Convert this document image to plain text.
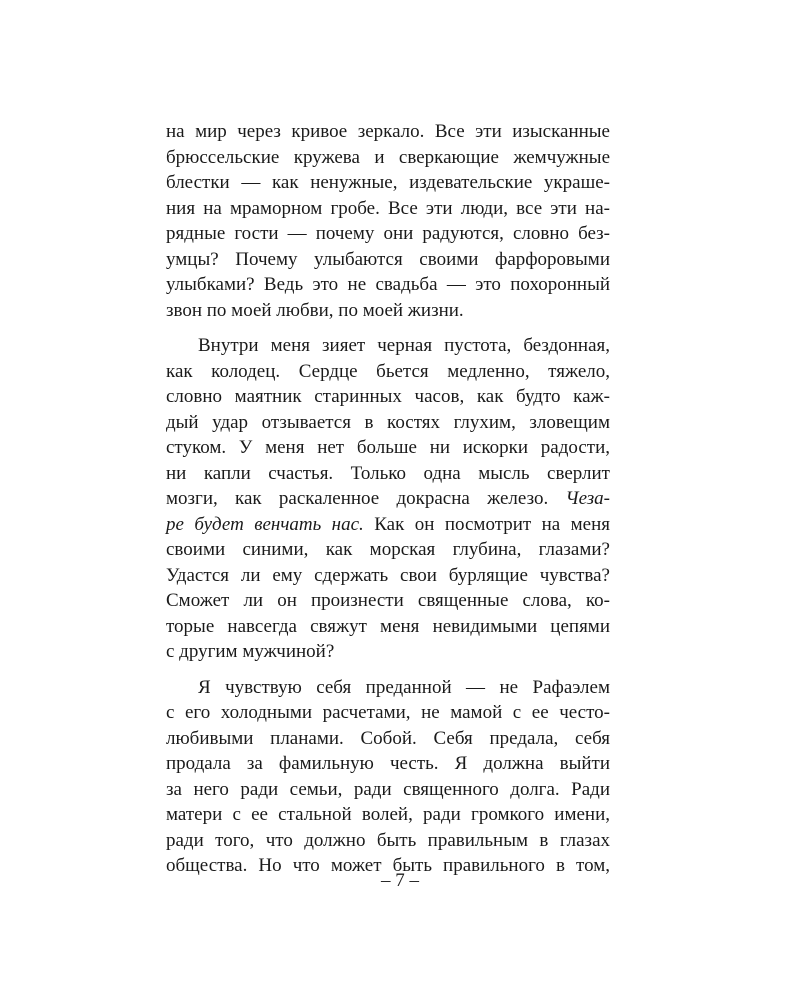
на мир через кривое зеркало. Все эти изысканные
брюссельские кружева и сверкающие жемчужные
блестки — как ненужные, издевательские украше-
ния на мраморном гробе. Все эти люди, все эти на-
рядные гости — почему они радуются, словно без-
умцы? Почему улыбаются своими фарфоровыми
улыбками? Ведь это не свадьба — это похоронный
звон по моей любви, по моей жизни.
Внутри меня зияет черная пустота, бездонная,
как колодец. Сердце бьется медленно, тяжело,
словно маятник старинных часов, как будто каж-
дый удар отзывается в костях глухим, зловещим
стуком. У меня нет больше ни искорки радости,
ни капли счастья. Только одна мысль сверлит
мозги, как раскаленное докрасна железо. Чеза-
ре будет венчать нас. Как он посмотрит на меня
своими синими, как морская глубина, глазами?
Удастся ли ему сдержать свои бурлящие чувства?
Сможет ли он произнести священные слова, ко-
торые навсегда свяжут меня невидимыми цепями
с другим мужчиной?
Я чувствую себя преданной — не Рафаэлем
с его холодными расчетами, не мамой с ее често-
любивыми планами. Собой. Себя предала, себя
продала за фамильную честь. Я должна выйти
за него ради семьи, ради священного долга. Ради
матери с ее стальной волей, ради громкого имени,
ради того, что должно быть правильным в глазах
общества. Но что может быть правильного в том,
– 7 –
